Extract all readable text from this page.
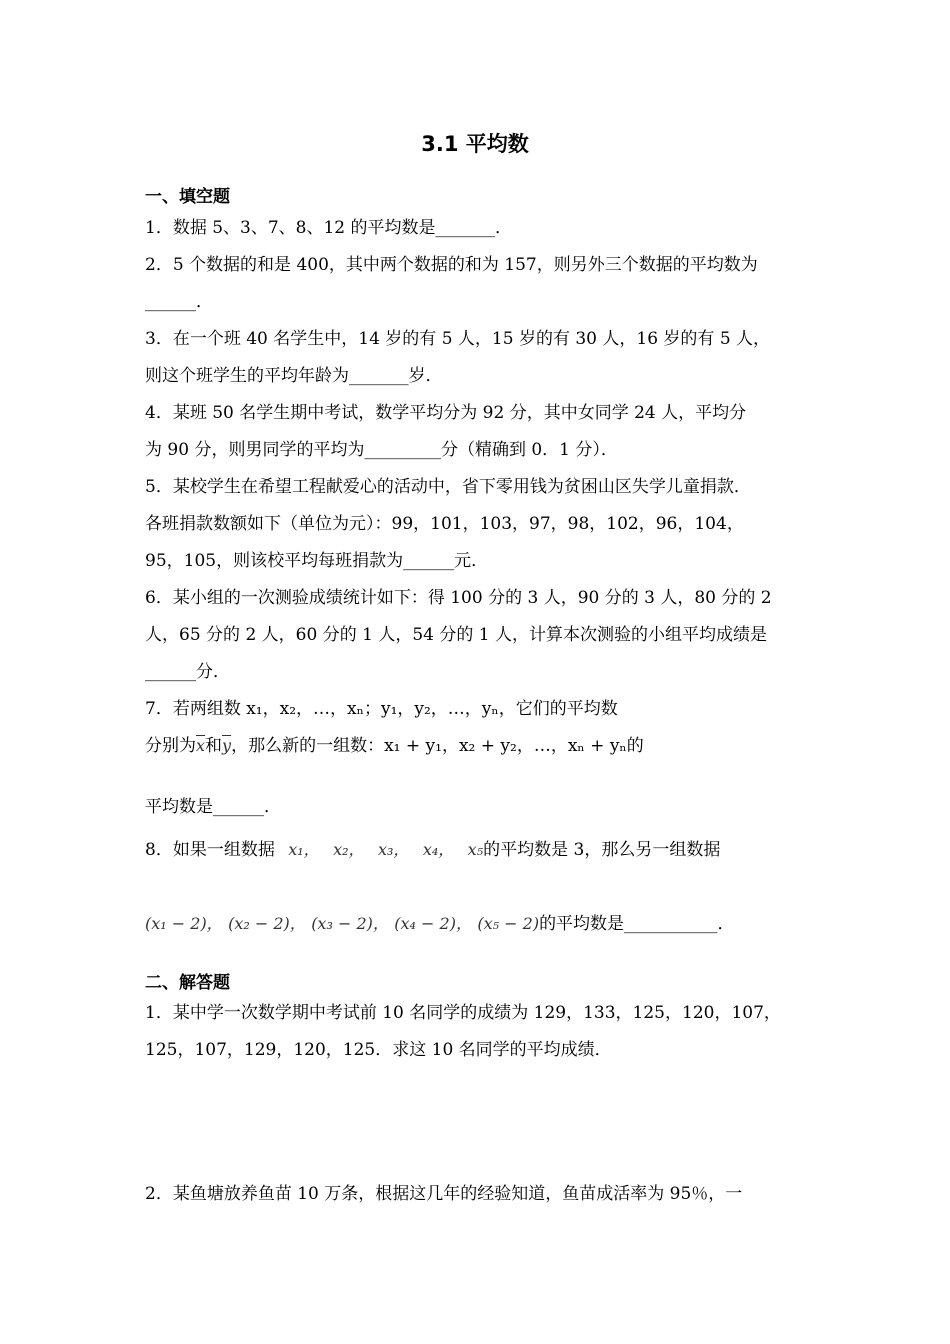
3.1 平均数
一、填空题
1．数据 5、3、7、8、12 的平均数是_______．
2．5 个数据的和是 400，其中两个数据的和为 157，则另外三个数据的平均数为
______．
3．在一个班 40 名学生中，14 岁的有 5 人，15 岁的有 30 人，16 岁的有 5 人，
则这个班学生的平均年龄为_______岁．
4．某班 50 名学生期中考试，数学平均分为 92 分，其中女同学 24 人，平均分
为 90 分，则男同学的平均为_________分（精确到 0．1 分）．
5．某校学生在希望工程献爱心的活动中，省下零用钱为贫困山区失学儿童捐款．
各班捐款数额如下（单位为元）：99，101，103，97，98，102，96，104，
95，105，则该校平均每班捐款为______元．
6．某小组的一次测验成绩统计如下：得 100 分的 3 人，90 分的 3 人，80 分的 2
人，65 分的 2 人，60 分的 1 人，54 分的 1 人，计算本次测验的小组平均成绩是
______分．
7．若两组数 x₁，x₂，…，xₙ；y₁，y₂，…，yₙ，它们的平均数
分别为$\overline{x}$和$\overline{y}$，那么新的一组数：x₁ + y₁，x₂ + y₂，…，xₙ + yₙ的
平均数是______．
8．如果一组数据 x₁， x₂， x₃， x₄， x₅的平均数是 3，那么另一组数据
(x₁ − 2)， (x₂ − 2)， (x₃ − 2)， (x₄ − 2)， (x₅ − 2)的平均数是___________．
二、解答题
1．某中学一次数学期中考试前 10 名同学的成绩为 129，133，125，120，107，
125，107，129，120，125．求这 10 名同学的平均成绩．
2．某鱼塘放养鱼苗 10 万条，根据这几年的经验知道，鱼苗成活率为 95％，一
